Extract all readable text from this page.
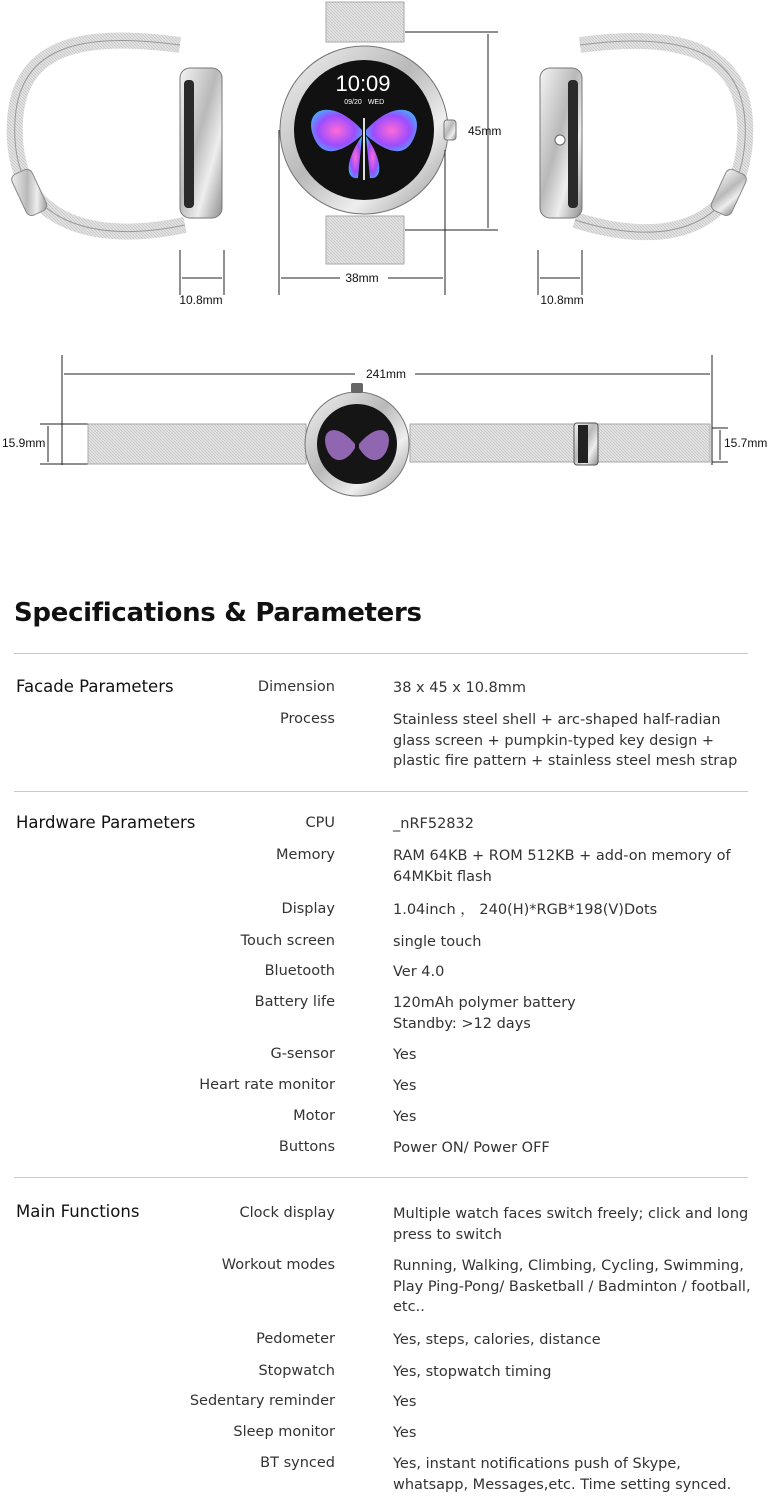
10.8mm
10:09
09/20 WED
45mm
38mm
10.8mm
241mm
15.9mm	15.7mm
Specifications & Parameters
Facade Parameters	Dimension	38 x 45 x 10.8mm
Process	Stainless steel shell + arc-shaped half-radian glass screen + pumpkin-typed key design + plastic fire pattern + stainless steel mesh strap
Hardware Parameters	CPU	_nRF52832
Memory	RAM 64KB + ROM 512KB + add-on memory of 64MKbit flash
Display	1.04inch ， 240(H)*RGB*198(V)Dots
Touch screen	single touch
Bluetooth	Ver 4.0
Battery life	120mAh polymer battery
Standby: >12 days
G-sensor	Yes
Heart rate monitor	Yes
Motor	Yes
Buttons	Power ON/ Power OFF
Main Functions	Clock display	Multiple watch faces switch freely; click and long press to switch
Workout modes	Running, Walking, Climbing, Cycling, Swimming, Play Ping-Pong/ Basketball / Badminton / football, etc..
Pedometer	Yes, steps, calories, distance
Stopwatch	Yes, stopwatch timing
Sedentary reminder	Yes
Sleep monitor	Yes
BT synced	Yes, instant notifications push of Skype, whatsapp, Messages,etc. Time setting synced.
